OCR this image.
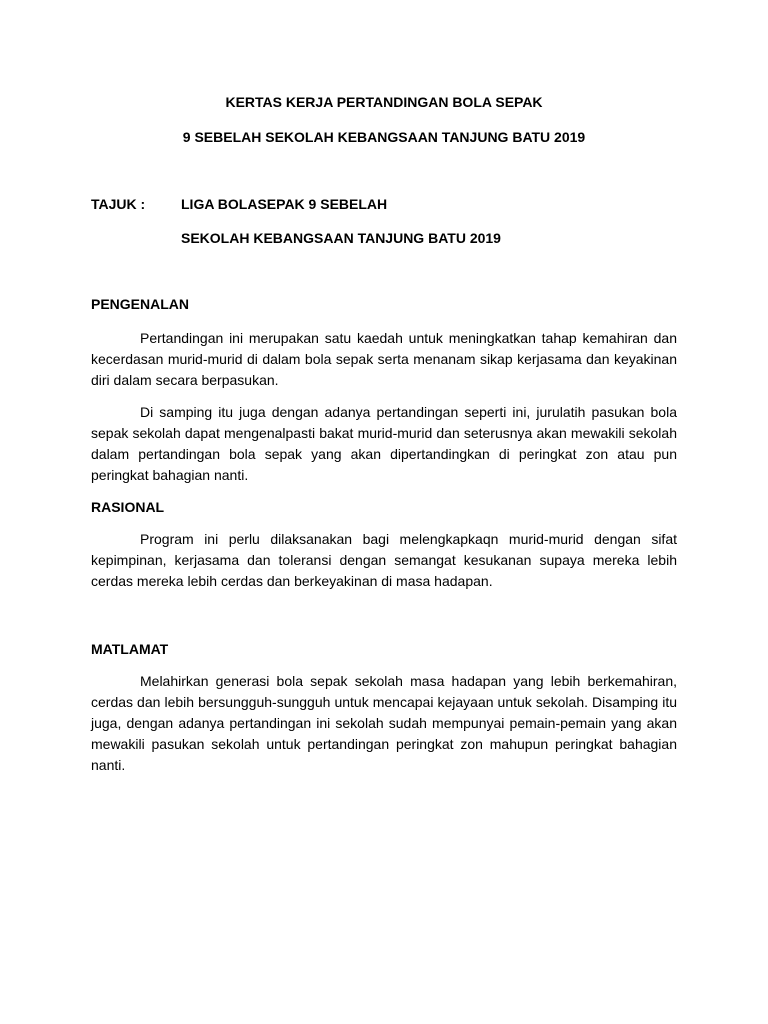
KERTAS KERJA PERTANDINGAN BOLA SEPAK
9 SEBELAH SEKOLAH KEBANGSAAN TANJUNG BATU 2019
TAJUK :	LIGA BOLASEPAK 9 SEBELAH
SEKOLAH KEBANGSAAN TANJUNG BATU 2019
PENGENALAN

Pertandingan ini merupakan satu kaedah untuk meningkatkan tahap kemahiran dan kecerdasan murid-murid di dalam bola sepak serta menanam sikap kerjasama dan keyakinan diri dalam secara berpasukan.

Di samping itu juga dengan adanya pertandingan seperti ini, jurulatih pasukan bola sepak sekolah dapat mengenalpasti bakat murid-murid dan seterusnya akan mewakili sekolah dalam pertandingan bola sepak yang akan dipertandingkan di peringkat zon atau pun peringkat bahagian nanti.

RASIONAL

Program ini perlu dilaksanakan bagi melengkapkaqn murid-murid dengan sifat kepimpinan, kerjasama dan toleransi dengan semangat kesukanan supaya mereka lebih cerdas mereka lebih cerdas dan berkeyakinan di masa hadapan.

MATLAMAT

Melahirkan generasi bola sepak sekolah masa hadapan yang lebih berkemahiran, cerdas dan lebih bersungguh-sungguh untuk mencapai kejayaan untuk sekolah. Disamping itu juga, dengan adanya pertandingan ini sekolah sudah mempunyai pemain-pemain yang akan mewakili pasukan sekolah untuk pertandingan peringkat zon mahupun peringkat bahagian nanti.
